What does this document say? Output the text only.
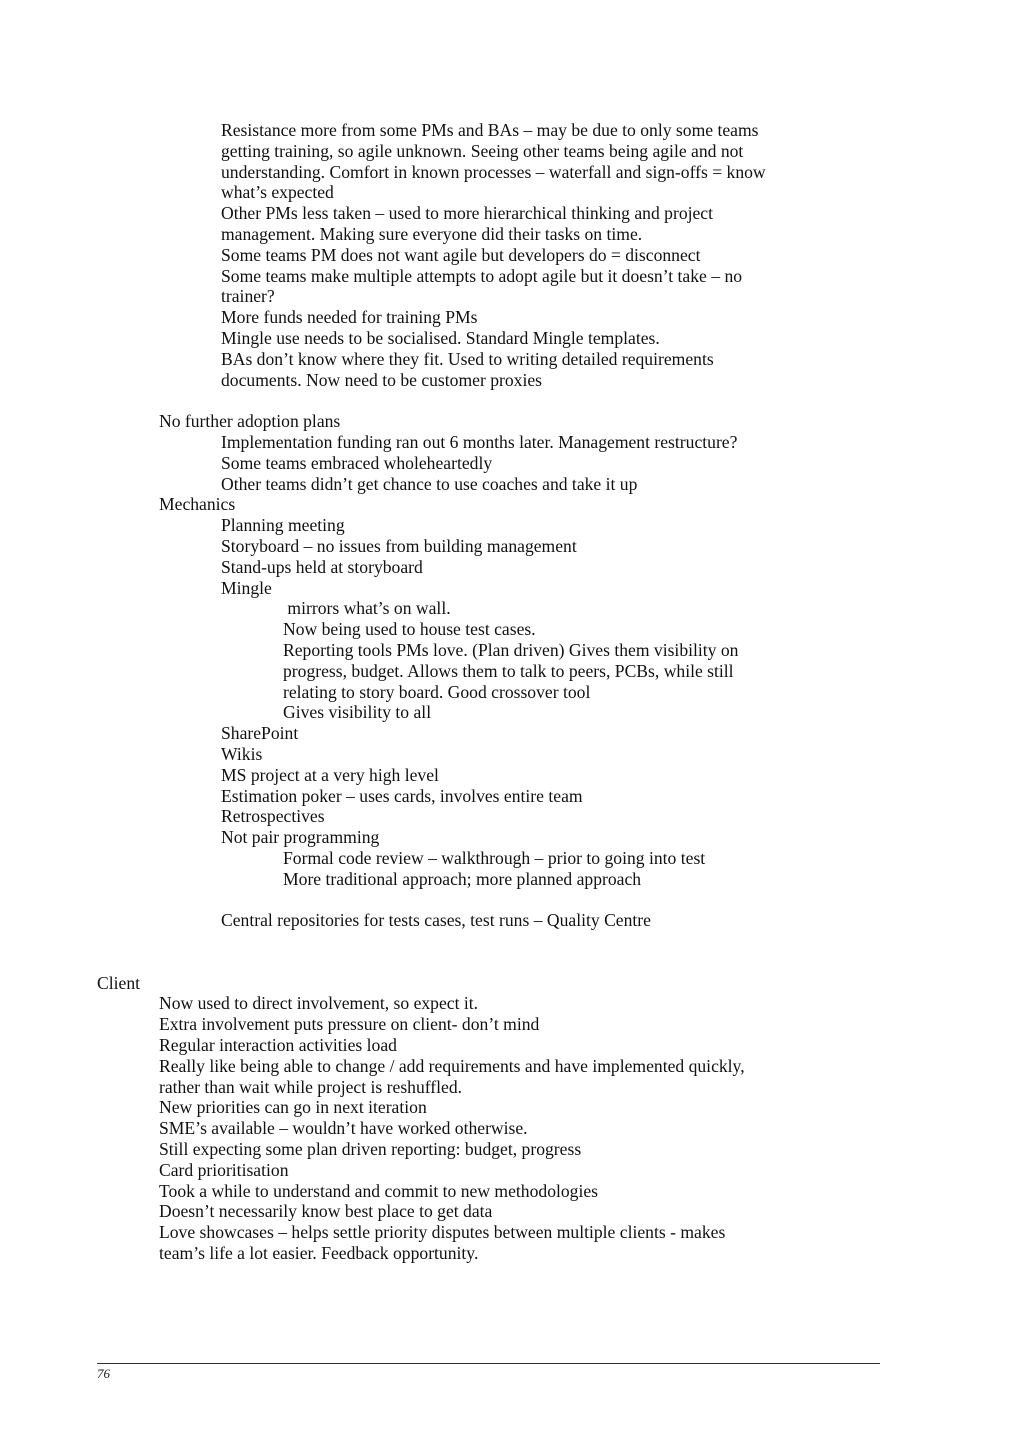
Resistance more from some PMs and BAs – may be due to only some teams
getting training, so agile unknown. Seeing other teams being agile and not
understanding. Comfort in known processes – waterfall and sign-offs = know
what’s expected
Other PMs less taken – used to more hierarchical thinking and project
management. Making sure everyone did their tasks on time.
Some teams PM does not want agile but developers do = disconnect
Some teams make multiple attempts to adopt agile but it doesn’t take – no
trainer?
More funds needed for training PMs
Mingle use needs to be socialised. Standard Mingle templates.
BAs don’t know where they fit. Used to writing detailed requirements
documents. Now need to be customer proxies
No further adoption plans
Implementation funding ran out 6 months later. Management restructure?
Some teams embraced wholeheartedly
Other teams didn’t get chance to use coaches and take it up
Mechanics
Planning meeting
Storyboard – no issues from building management
Stand-ups held at storyboard
Mingle
mirrors what’s on wall.
Now being used to house test cases.
Reporting tools PMs love. (Plan driven) Gives them visibility on
progress, budget. Allows them to talk to peers, PCBs, while still
relating to story board. Good crossover tool
Gives visibility to all
SharePoint
Wikis
MS project at a very high level
Estimation poker – uses cards, involves entire team
Retrospectives
Not pair programming
Formal code review – walkthrough – prior to going into test
More traditional approach; more planned approach
Central repositories for tests cases, test runs – Quality Centre
Client
Now used to direct involvement, so expect it.
Extra involvement puts pressure on client- don’t mind
Regular interaction activities load
Really like being able to change / add requirements and have implemented quickly,
rather than wait while project is reshuffled.
New priorities can go in next iteration
SME’s available – wouldn’t have worked otherwise.
Still expecting some plan driven reporting: budget, progress
Card prioritisation
Took a while to understand and commit to new methodologies
Doesn’t necessarily know best place to get data
Love showcases – helps settle priority disputes between multiple clients - makes
team’s life a lot easier. Feedback opportunity.
76
